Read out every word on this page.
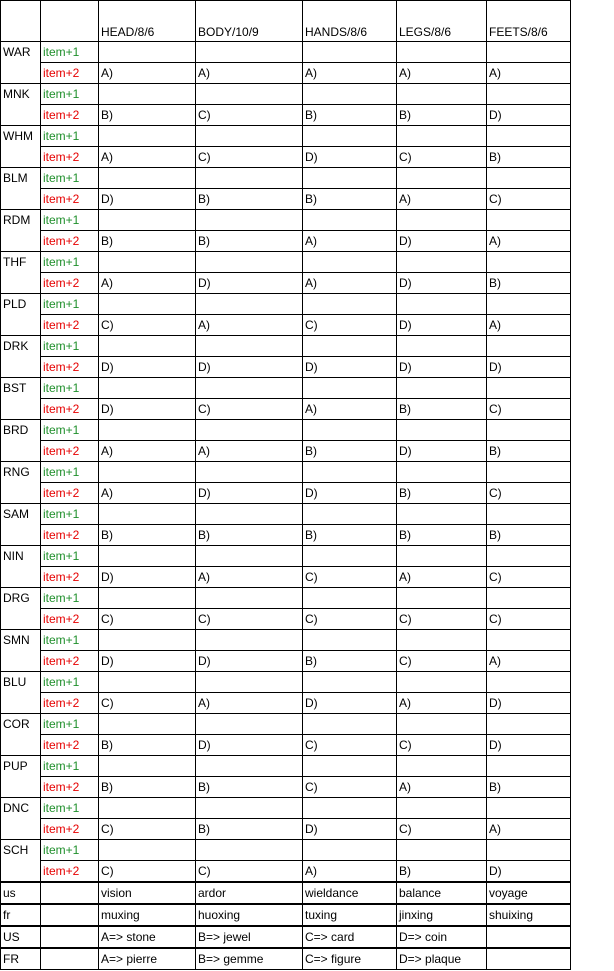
		HEAD/8/6	BODY/10/9	HANDS/8/6	LEGS/8/6	FEETS/8/6
WAR	item+1					
	item+2	A)	A)	A)	A)	A)
MNK	item+1					
	item+2	B)	C)	B)	B)	D)
WHM	item+1					
	item+2	A)	C)	D)	C)	B)
BLM	item+1					
	item+2	D)	B)	B)	A)	C)
RDM	item+1					
	item+2	B)	B)	A)	D)	A)
THF	item+1					
	item+2	A)	D)	A)	D)	B)
PLD	item+1					
	item+2	C)	A)	C)	D)	A)
DRK	item+1					
	item+2	D)	D)	D)	D)	D)
BST	item+1					
	item+2	D)	C)	A)	B)	C)
BRD	item+1					
	item+2	A)	A)	B)	D)	B)
RNG	item+1					
	item+2	A)	D)	D)	B)	C)
SAM	item+1					
	item+2	B)	B)	B)	B)	B)
NIN	item+1					
	item+2	D)	A)	C)	A)	C)
DRG	item+1					
	item+2	C)	C)	C)	C)	C)
SMN	item+1					
	item+2	D)	D)	B)	C)	A)
BLU	item+1					
	item+2	C)	A)	D)	A)	D)
COR	item+1					
	item+2	B)	D)	C)	C)	D)
PUP	item+1					
	item+2	B)	B)	C)	A)	B)
DNC	item+1					
	item+2	C)	B)	D)	C)	A)
SCH	item+1					
	item+2	C)	C)	A)	B)	D)
us		vision	ardor	wieldance	balance	voyage
fr		muxing	huoxing	tuxing	jinxing	shuixing
US		A=> stone	B=> jewel	C=> card	D=> coin	
FR		A=> pierre	B=> gemme	C=> figure	D=> plaque	
